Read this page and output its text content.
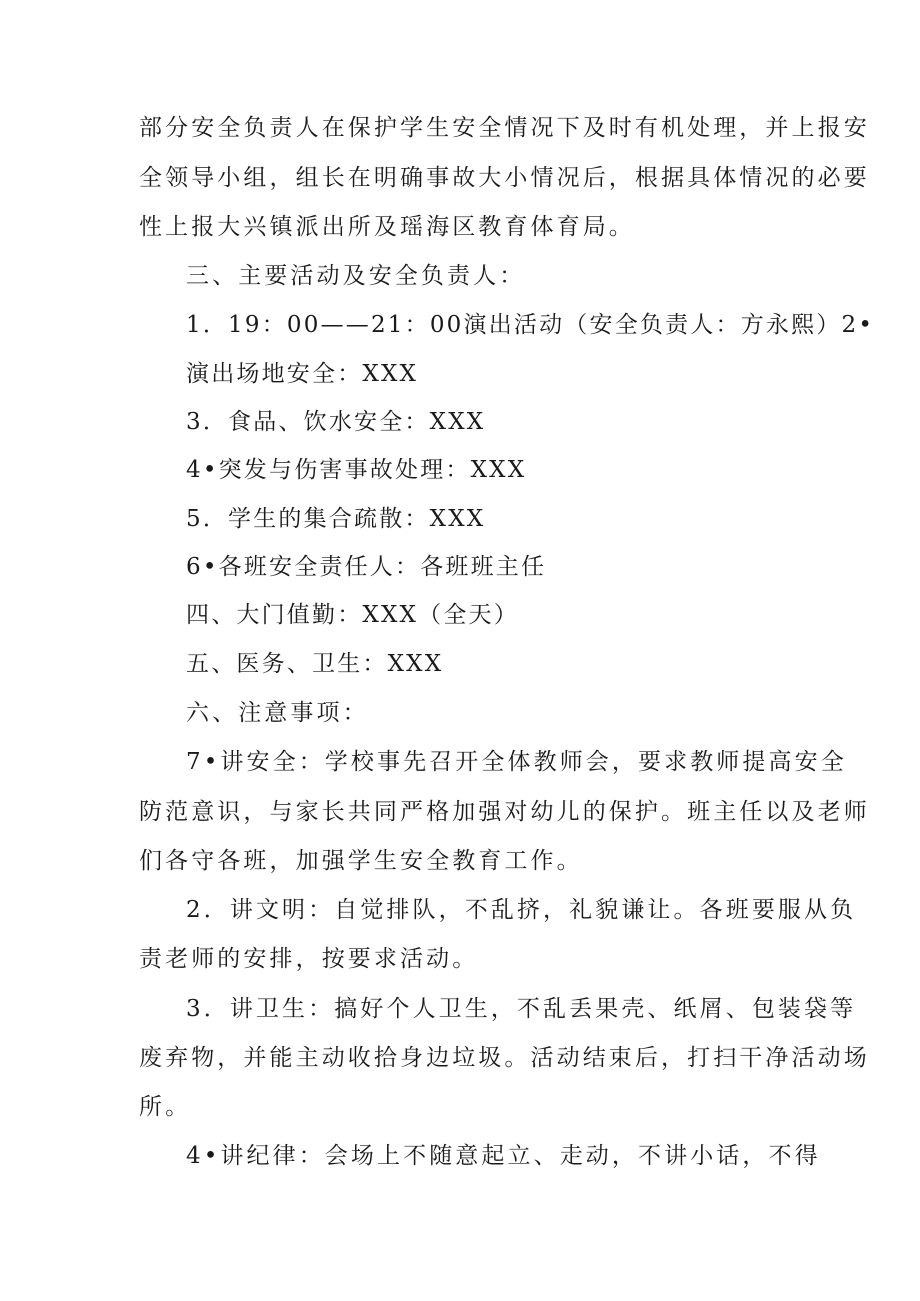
部分安全负责人在保护学生安全情况下及时有机处理，并上报安
全领导小组，组长在明确事故大小情况后，根据具体情况的必要
性上报大兴镇派出所及瑶海区教育体育局。
三、主要活动及安全负责人：
1．19：00——21：00演出活动（安全负责人：方永熙）2•
演出场地安全：XXX
3．食品、饮水安全：XXX
4•突发与伤害事故处理：XXX
5．学生的集合疏散：XXX
6•各班安全责任人：各班班主任
四、大门值勤：XXX（全天）
五、医务、卫生：XXX
六、注意事项：
7•讲安全：学校事先召开全体教师会，要求教师提高安全
防范意识，与家长共同严格加强对幼儿的保护。班主任以及老师
们各守各班，加强学生安全教育工作。
2．讲文明：自觉排队，不乱挤，礼貌谦让。各班要服从负
责老师的安排，按要求活动。
3．讲卫生：搞好个人卫生，不乱丢果壳、纸屑、包装袋等
废弃物，并能主动收拾身边垃圾。活动结束后，打扫干净活动场
所。
4•讲纪律：会场上不随意起立、走动，不讲小话，不得
